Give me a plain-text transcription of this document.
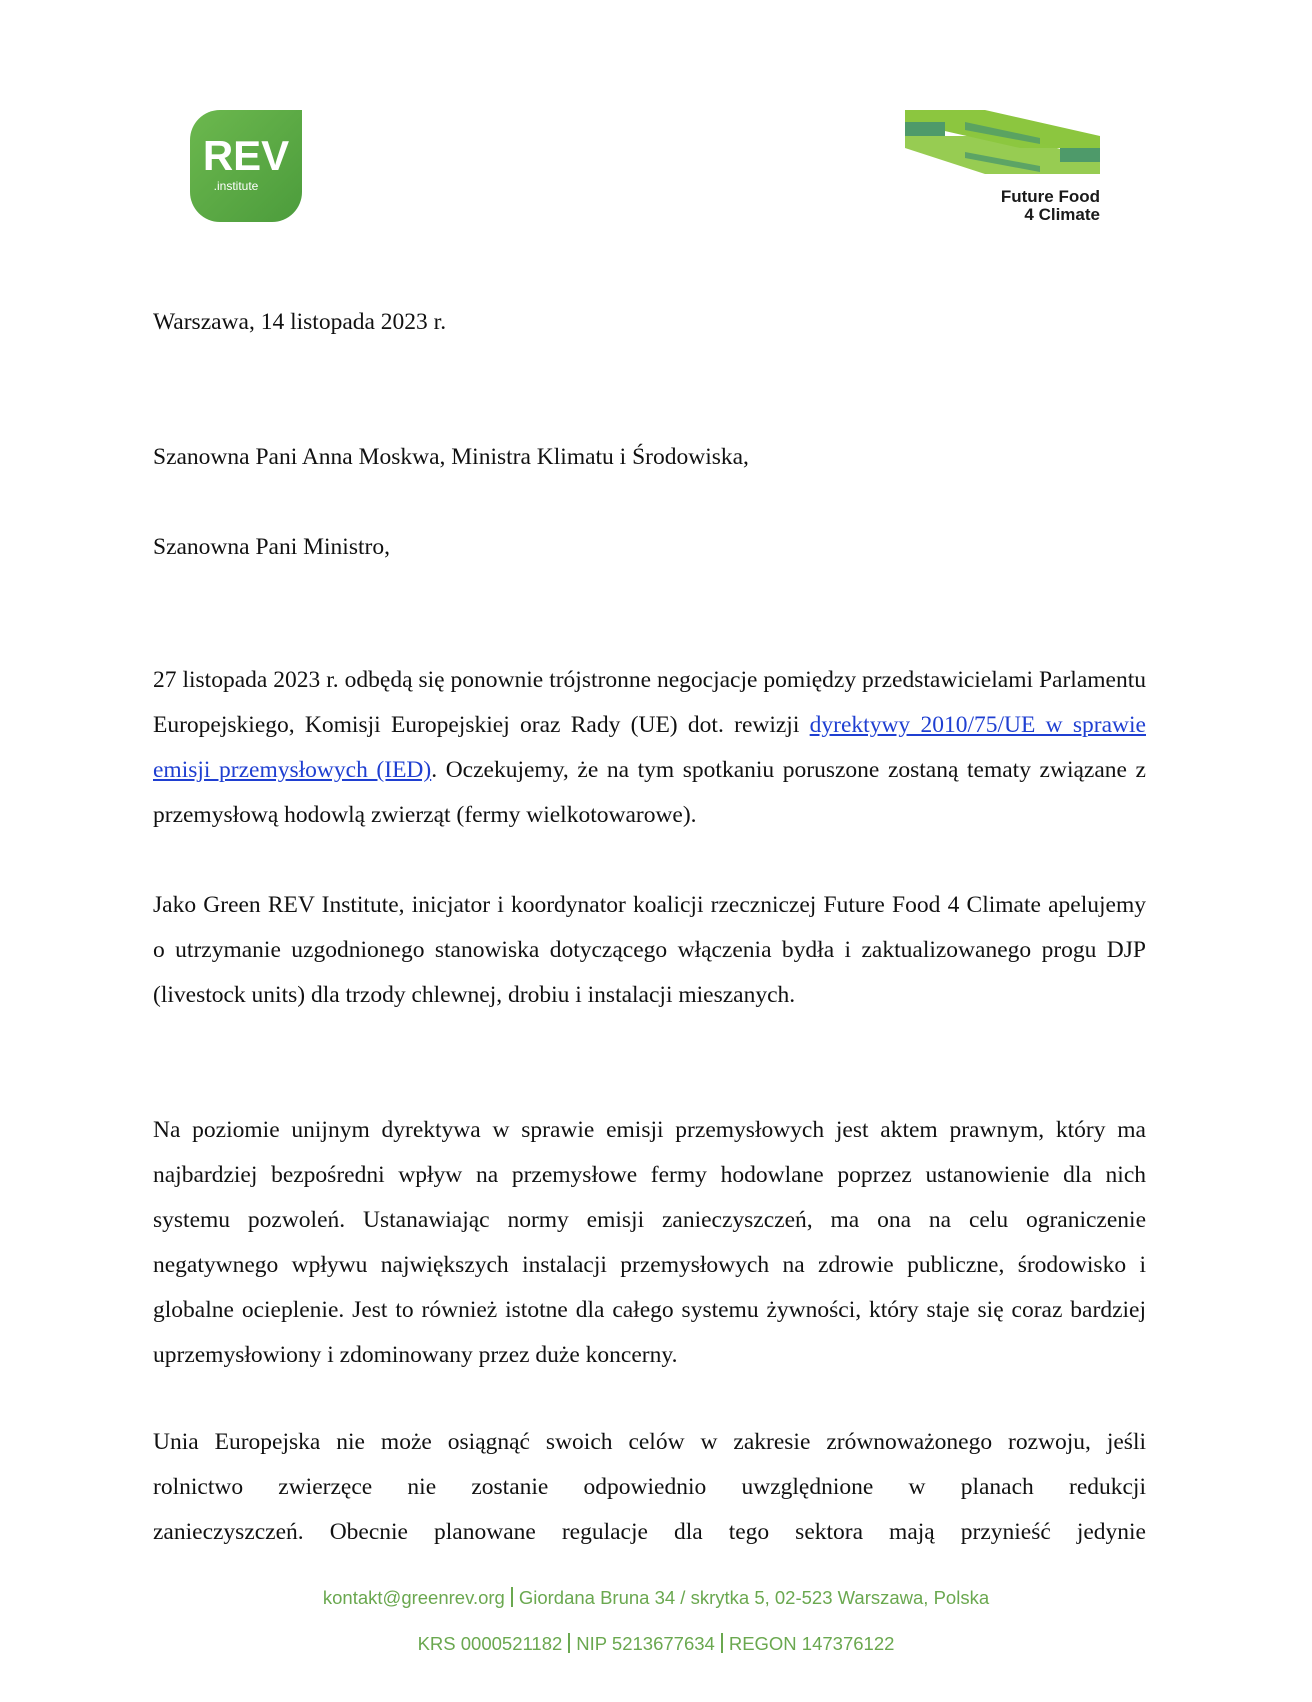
REV
.institute
Future Food
4 Climate
Warszawa, 14 listopada 2023 r.
Szanowna Pani Anna Moskwa, Ministra Klimatu i Środowiska,
Szanowna Pani Ministro,
27 listopada 2023 r. odbędą się ponownie trójstronne negocjacje pomiędzy przedstawicielami Parlamentu Europejskiego, Komisji Europejskiej oraz Rady (UE) dot. rewizji dyrektywy 2010/75/UE w sprawie emisji przemysłowych (IED). Oczekujemy, że na tym spotkaniu poruszone zostaną tematy związane z przemysłową hodowlą zwierząt (fermy wielkotowarowe).
Jako Green REV Institute, inicjator i koordynator koalicji rzeczniczej Future Food 4 Climate apelujemy o utrzymanie uzgodnionego stanowiska dotyczącego włączenia bydła i zaktualizowanego progu DJP (livestock units) dla trzody chlewnej, drobiu i instalacji mieszanych.
Na poziomie unijnym dyrektywa w sprawie emisji przemysłowych jest aktem prawnym, który ma najbardziej bezpośredni wpływ na przemysłowe fermy hodowlane poprzez ustanowienie dla nich systemu pozwoleń. Ustanawiając normy emisji zanieczyszczeń, ma ona na celu ograniczenie negatywnego wpływu największych instalacji przemysłowych na zdrowie publiczne, środowisko i globalne ocieplenie. Jest to również istotne dla całego systemu żywności, który staje się coraz bardziej uprzemysłowiony i zdominowany przez duże koncerny.
Unia Europejska nie może osiągnąć swoich celów w zakresie zrównoważonego rozwoju, jeśli
rolnictwo zwierzęce nie zostanie odpowiednio uwzględnione w planach redukcji
zanieczyszczeń. Obecnie planowane regulacje dla tego sektora mają przynieść jedynie
kontakt@greenrev.org Giordana Bruna 34 / skrytka 5, 02-523 Warszawa, Polska
KRS 0000521182 NIP 5213677634 REGON 147376122
